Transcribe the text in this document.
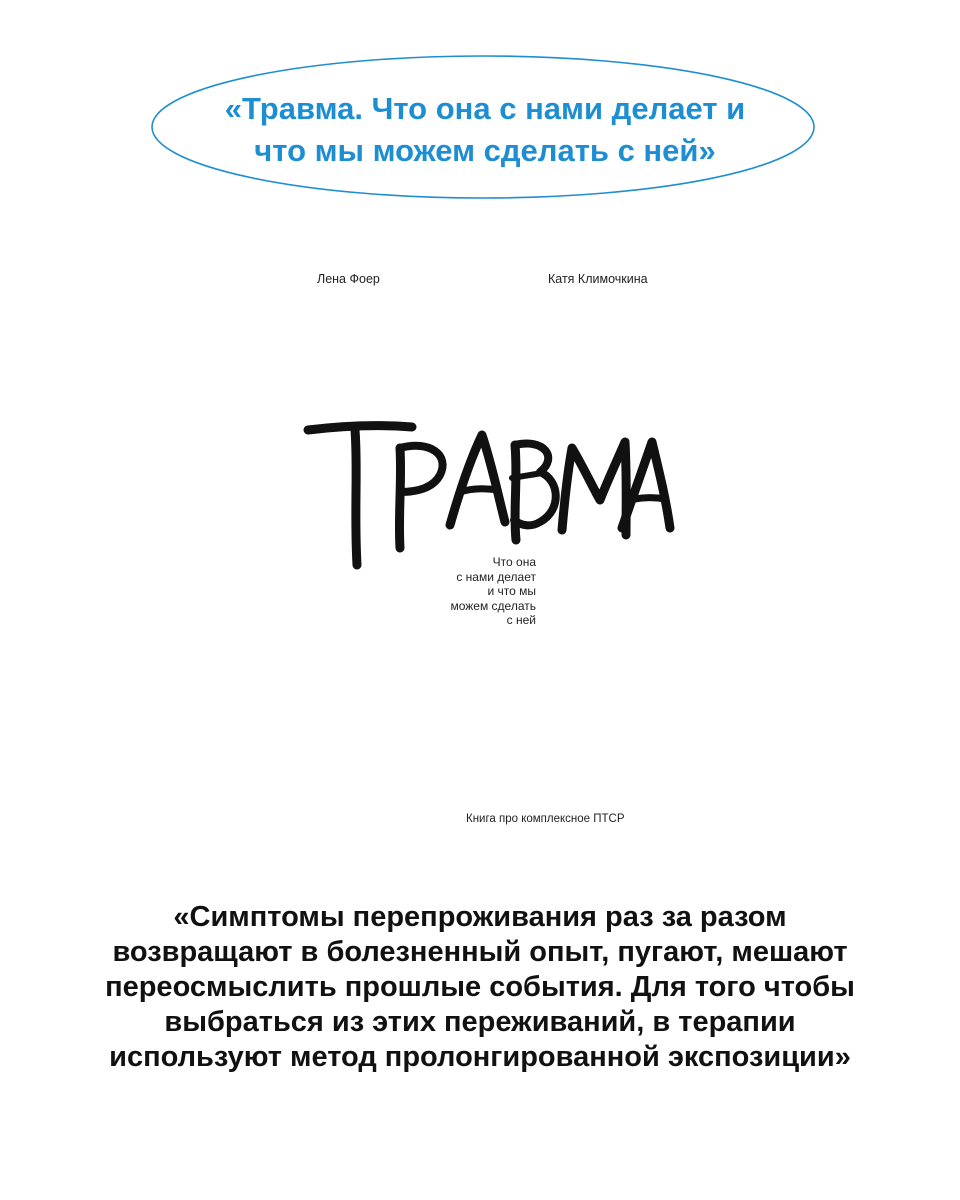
«Травма. Что она с нами делает и
что мы можем сделать с ней»
Лена Фоер	Катя Климочкина
Что она
с нами делает
и что мы
можем сделать
с ней
Книга про комплексное ПТСР
«Симптомы перепроживания раз за разом
возвращают в болезненный опыт, пугают, мешают
переосмыслить прошлые события. Для того чтобы
выбраться из этих переживаний, в терапии
используют метод пролонгированной экспозиции»
